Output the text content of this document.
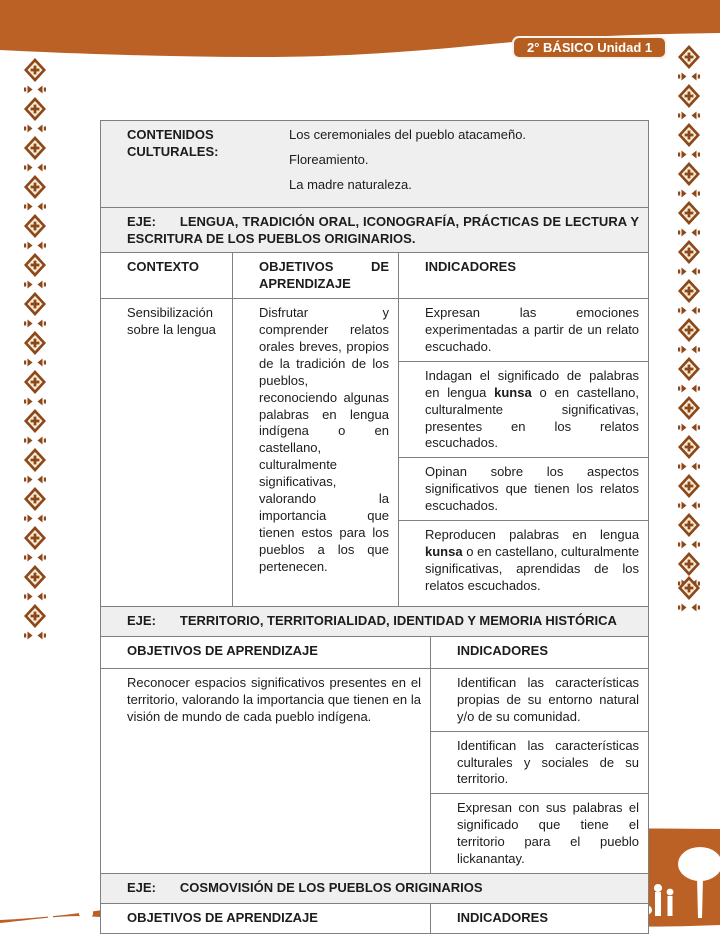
2° BÁSICO Unidad 1
CONTENIDOS CULTURALES:
Los ceremoniales del pueblo atacameño.
Floreamiento.
La madre naturaleza.			

EJE: LENGUA, TRADICIÓN ORAL, ICONOGRAFÍA, PRÁCTICAS DE LECTURA Y ESCRITURA DE LOS PUEBLOS ORIGINARIOS.			
CONTEXTO	OBJETIVOS DE APRENDIZAJE	INDICADORES	
Sensibilización sobre la lengua	Disfrutar y comprender relatos orales breves, propios de la tradición de los pueblos, reconociendo algunas palabras en lengua indígena o en castellano, culturalmente significativas, valorando la importancia que tienen estos para los pueblos a los que pertenecen.	Expresan las emociones experimentadas a partir de un relato escuchado.	
		Indagan el significado de palabras en lengua kunsa o en castellano, culturalmente significativas, presentes en los relatos escuchados.	
		Opinan sobre los aspectos significativos que tienen los relatos escuchados.	
		Reproducen palabras en lengua kunsa o en castellano, culturalmente significativas, aprendidas de los relatos escuchados.	
EJE: TERRITORIO, TERRITORIALIDAD, IDENTIDAD Y MEMORIA HISTÓRICA			
OBJETIVOS DE APRENDIZAJE			INDICADORES
Reconocer espacios significativos presentes en el territorio, valorando la importancia que tienen en la visión de mundo de cada pueblo indígena.			Identifican las características propias de su entorno natural y/o de su comunidad.
			Identifican las características culturales y sociales de su territorio.
			Expresan con sus palabras el significado que tiene el territorio para el pueblo lickanantay.
EJE: COSMOVISIÓN DE LOS PUEBLOS ORIGINARIOS			
OBJETIVOS DE APRENDIZAJE			INDICADORES
